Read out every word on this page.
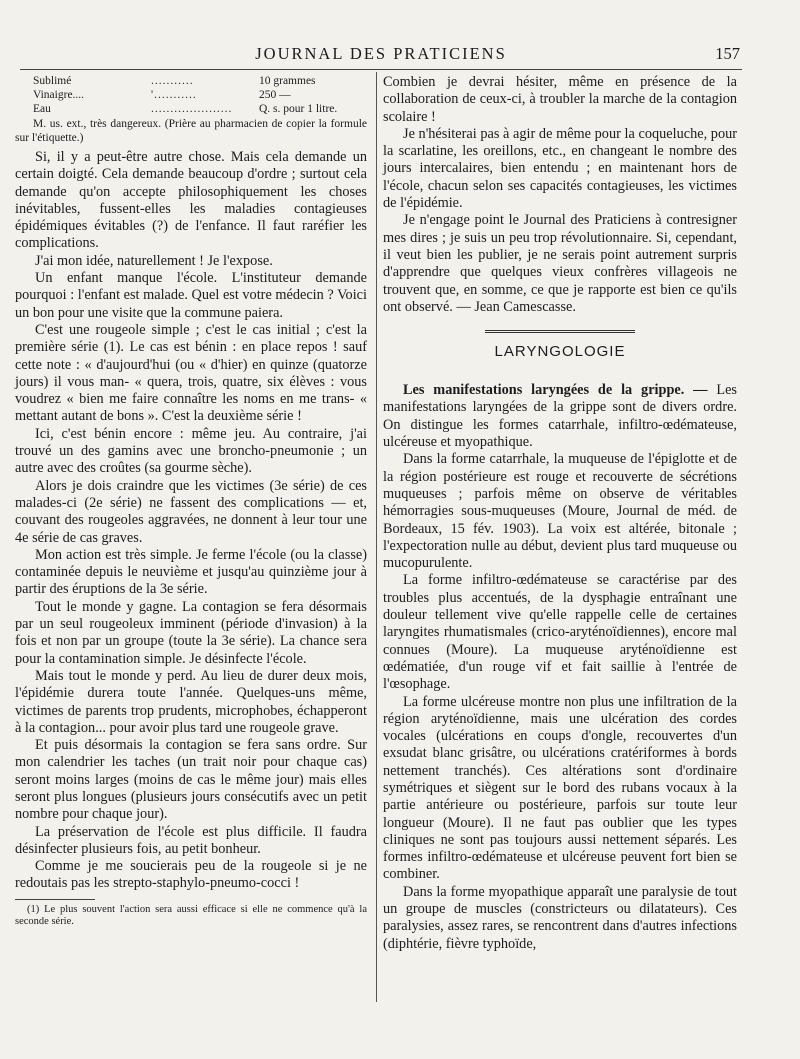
JOURNAL DES PRATICIENS	157
Sublimé	...........	10 grammes
Vinaigre....	'...........	250 —
Eau	.....................	Q. s. pour 1 litre.

M. us. ext., très dangereux. (Prière au pharmacien de copier la formule sur l'étiquette.)

Si, il y a peut-être autre chose. Mais cela demande un certain doigté. Cela demande beaucoup d'ordre ; surtout cela demande qu'on accepte philosophiquement les choses inévitables, fussent-elles les maladies contagieuses épidémiques évitables (?) de l'enfance. Il faut raréfier les complications.

J'ai mon idée, naturellement ! Je l'expose.

Un enfant manque l'école. L'instituteur demande pourquoi : l'enfant est malade. Quel est votre médecin ? Voici un bon pour une visite que la commune paiera.

C'est une rougeole simple ; c'est le cas initial ; c'est la première série (1). Le cas est bénin : en place repos ! sauf cette note : « d'aujourd'hui (ou « d'hier) en quinze (quatorze jours) il vous man- « quera, trois, quatre, six élèves : vous voudrez « bien me faire connaître les noms en me trans- « mettant autant de bons ». C'est la deuxième série !

Ici, c'est bénin encore : même jeu. Au contraire, j'ai trouvé un des gamins avec une broncho-pneumonie ; un autre avec des croûtes (sa gourme sèche).

Alors je dois craindre que les victimes (3e série) de ces malades-ci (2e série) ne fassent des complications — et, couvant des rougeoles aggravées, ne donnent à leur tour une 4e série de cas graves.

Mon action est très simple. Je ferme l'école (ou la classe) contaminée depuis le neuvième et jusqu'au quinzième jour à partir des éruptions de la 3e série.

Tout le monde y gagne. La contagion se fera désormais par un seul rougeoleux imminent (période d'invasion) à la fois et non par un groupe (toute la 3e série). La chance sera pour la contamination simple. Je désinfecte l'école.

Mais tout le monde y perd. Au lieu de durer deux mois, l'épidémie durera toute l'année. Quelques-uns même, victimes de parents trop prudents, microphobes, échapperont à la contagion... pour avoir plus tard une rougeole grave.

Et puis désormais la contagion se fera sans ordre. Sur mon calendrier les taches (un trait noir pour chaque cas) seront moins larges (moins de cas le même jour) mais elles seront plus longues (plusieurs jours consécutifs avec un petit nombre pour chaque jour).

La préservation de l'école est plus difficile. Il faudra désinfecter plusieurs fois, au petit bonheur.

Comme je me soucierais peu de la rougeole si je ne redoutais pas les strepto-staphylo-pneumo-cocci !

(1) Le plus souvent l'action sera aussi efficace si elle ne commence qu'à la seconde série.

Combien je devrai hésiter, même en présence de la collaboration de ceux-ci, à troubler la marche de la contagion scolaire !

Je n'hésiterai pas à agir de même pour la coqueluche, pour la scarlatine, les oreillons, etc., en changeant le nombre des jours intercalaires, bien entendu ; en maintenant hors de l'école, chacun selon ses capacités contagieuses, les victimes de l'épidémie.

Je n'engage point le Journal des Praticiens à contresigner mes dires ; je suis un peu trop révolutionnaire. Si, cependant, il veut bien les publier, je ne serais point autrement surpris d'apprendre que quelques vieux confrères villageois ne trouvent que, en somme, ce que je rapporte est bien ce qu'ils ont observé. — Jean Camescasse.

LARYNGOLOGIE

Les manifestations laryngées de la grippe. — Les manifestations laryngées de la grippe sont de divers ordre. On distingue les formes catarrhale, infiltro-œdémateuse, ulcéreuse et myopathique.

Dans la forme catarrhale, la muqueuse de l'épiglotte et de la région postérieure est rouge et recouverte de sécrétions muqueuses ; parfois même on observe de véritables hémorragies sous-muqueuses (Moure, Journal de méd. de Bordeaux, 15 fév. 1903). La voix est altérée, bitonale ; l'expectoration nulle au début, devient plus tard muqueuse ou mucopurulente.

La forme infiltro-œdémateuse se caractérise par des troubles plus accentués, de la dysphagie entraînant une douleur tellement vive qu'elle rappelle celle de certaines laryngites rhumatismales (crico-aryténoïdiennes), encore mal connues (Moure). La muqueuse aryténoïdienne est œdématiée, d'un rouge vif et fait saillie à l'entrée de l'œsophage.

La forme ulcéreuse montre non plus une infiltration de la région aryténoïdienne, mais une ulcération des cordes vocales (ulcérations en coups d'ongle, recouvertes d'un exsudat blanc grisâtre, ou ulcérations cratériformes à bords nettement tranchés). Ces altérations sont d'ordinaire symétriques et siègent sur le bord des rubans vocaux à la partie antérieure ou postérieure, parfois sur toute leur longueur (Moure). Il ne faut pas oublier que les types cliniques ne sont pas toujours aussi nettement séparés. Les formes infiltro-œdémateuse et ulcéreuse peuvent fort bien se combiner.

Dans la forme myopathique apparaît une paralysie de tout un groupe de muscles (constricteurs ou dilatateurs). Ces paralysies, assez rares, se rencontrent dans d'autres infections (diphtérie, fièvre typhoïde,
